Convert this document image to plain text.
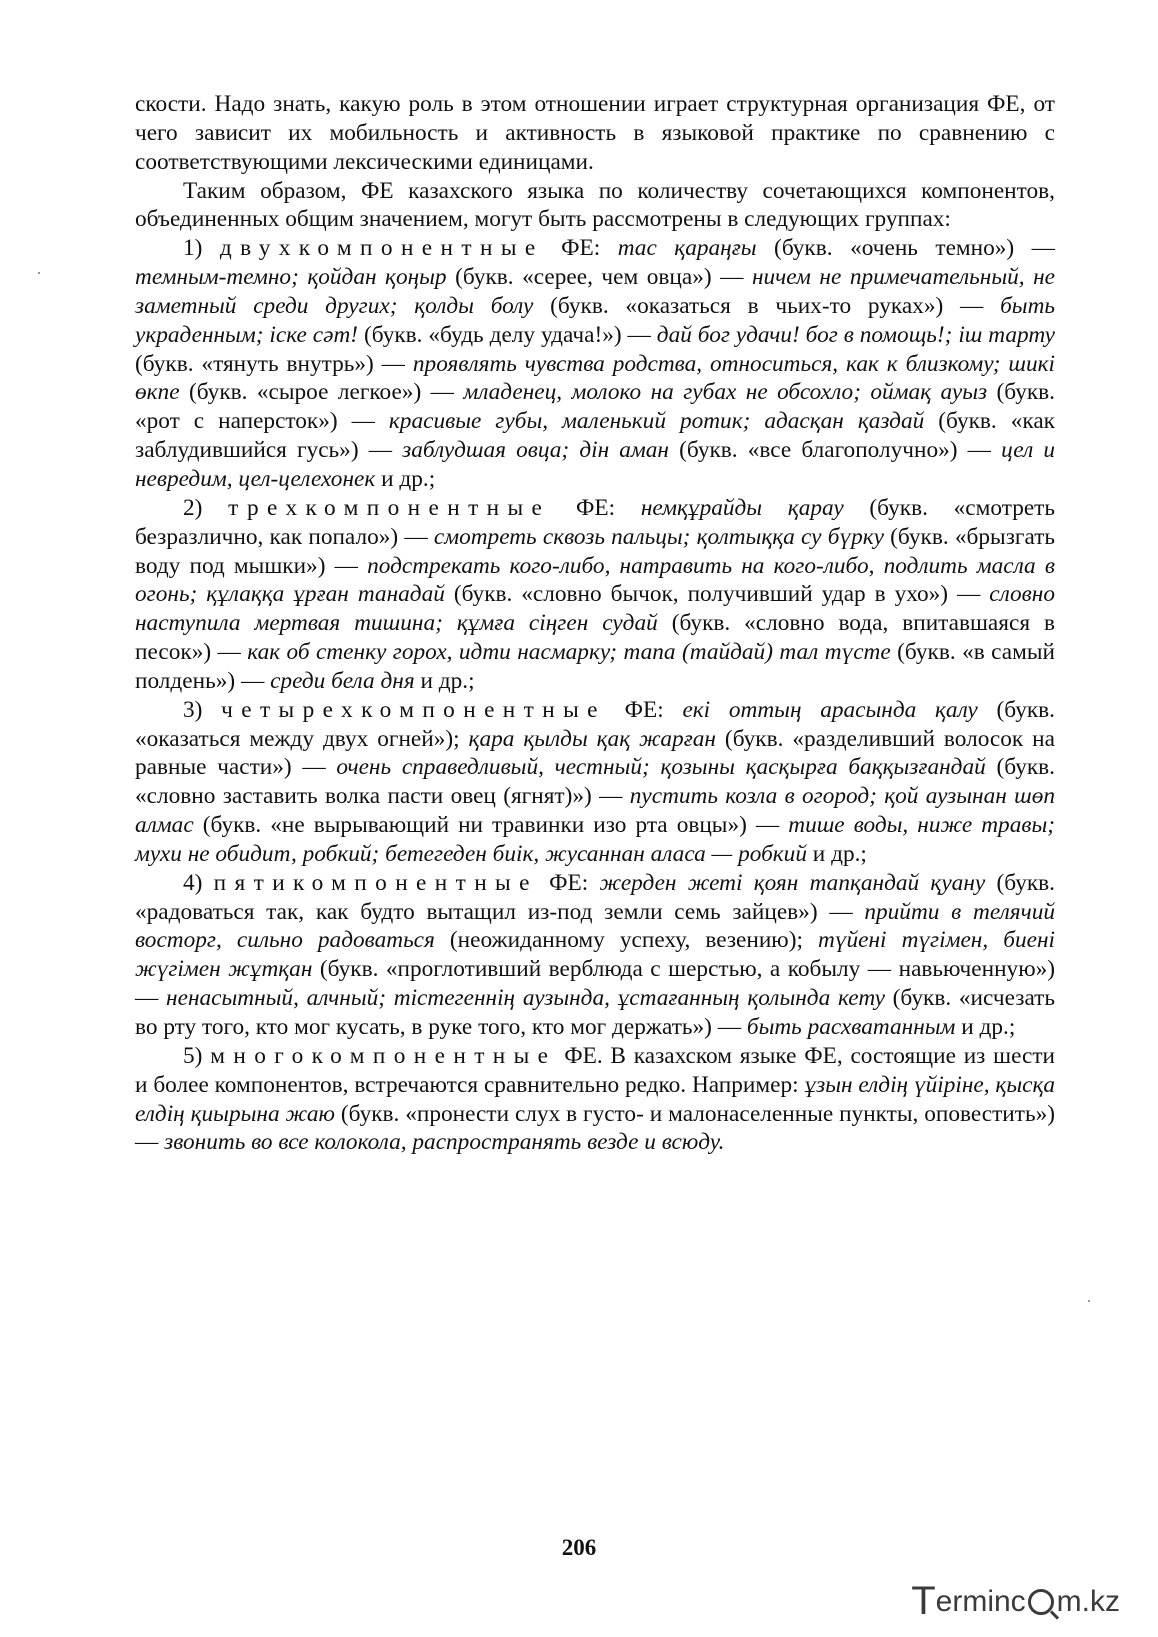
скости. Надо знать, какую роль в этом отношении играет структурная организация ФЕ, от чего зависит их мобильность и активность в языковой практике по сравнению с соответствующими лексическими единицами.

Таким образом, ФЕ казахского языка по количеству сочетающихся компонентов, объединенных общим значением, могут быть рассмотрены в следующих группах:

1) двухкомпонентные ФЕ: тас қараңғы (букв. «очень темно») — темным-темно; қойдан қоңыр (букв. «серее, чем овца») — ничем не примечательный, не заметный среди других; қолды болу (букв. «оказаться в чьих-то руках») — быть украденным; іске сәт! (букв. «будь делу удача!») — дай бог удачи! бог в помощь!; іш тарту (букв. «тянуть внутрь») — проявлять чувства родства, относиться, как к близкому; шикі өкпе (букв. «сырое легкое») — младенец, молоко на губах не обсохло; оймақ ауыз (букв. «рот с наперсток») — красивые губы, маленький ротик; адасқан қаздай (букв. «как заблудившийся гусь») — заблудшая овца; дін аман (букв. «все благополучно») — цел и невредим, цел-целехонек и др.;

2) трехкомпонентные ФЕ: немқұрайды қарау (букв. «смотреть безразлично, как попало») — смотреть сквозь пальцы; қолтыққа су бүрку (букв. «брызгать воду под мышки») — подстрекать кого-либо, натравить на кого-либо, подлить масла в огонь; құлаққа ұрған танадай (букв. «словно бычок, получивший удар в ухо») — словно наступила мертвая тишина; құмға сіңген судай (букв. «словно вода, впитавшаяся в песок») — как об стенку горох, идти насмарку; тапа (тайдай) тал түсте (букв. «в самый полдень») — среди бела дня и др.;

3) четырехкомпонентные ФЕ: екі оттың арасында қалу (букв. «оказаться между двух огней»); қара қылды қақ жарған (букв. «разделивший волосок на равные части») — очень справедливый, честный; қозыны қасқырға баққызғандай (букв. «словно заставить волка пасти овец (ягнят)») — пустить козла в огород; қой аузынан шөп алмас (букв. «не вырывающий ни травинки изо рта овцы») — тише воды, ниже травы; мухи не обидит, робкий; бетегеден биік, жусаннан аласа — робкий и др.;

4) пятикомпонентные ФЕ: жерден жеті қоян тапқандай қуану (букв. «радоваться так, как будто вытащил из-под земли семь зайцев») — прийти в телячий восторг, сильно радоваться (неожиданному успеху, везению); түйені түгімен, биені жүгімен жұтқан (букв. «проглотивший верблюда с шерстью, а кобылу — навьюченную») — ненасытный, алчный; тістегеннің аузында, ұстағанның қолында кету (букв. «исчезать во рту того, кто мог кусать, в руке того, кто мог держать») — быть расхватанным и др.;

5) многокомпонентные ФЕ. В казахском языке ФЕ, состоящие из шести и более компонентов, встречаются сравнительно редко. Например: ұзын елдің үйіріне, қысқа елдің қиырына жаю (букв. «пронести слух в густо- и малонаселенные пункты, оповестить») — звонить во все колокола, распространять везде и всюду.

206
T erminc m.kz
